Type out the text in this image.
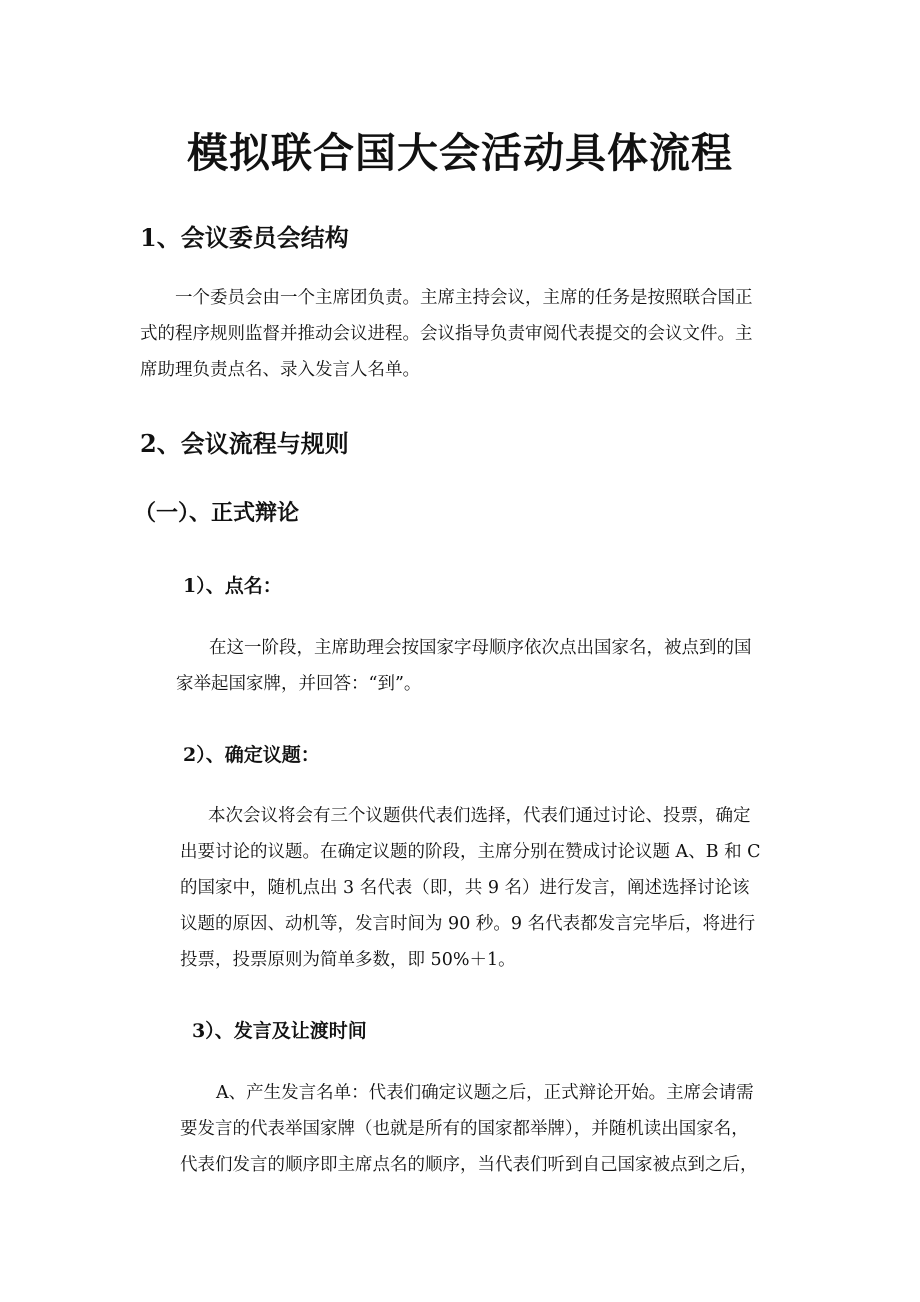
模拟联合国大会活动具体流程
1、会议委员会结构
一个委员会由一个主席团负责。主席主持会议，主席的任务是按照联合国正
式的程序规则监督并推动会议进程。会议指导负责审阅代表提交的会议文件。主
席助理负责点名、录入发言人名单。
2、会议流程与规则
（一）、正式辩论
1）、点名：
在这一阶段，主席助理会按国家字母顺序依次点出国家名，被点到的国
家举起国家牌，并回答：“到”。
2）、确定议题：
本次会议将会有三个议题供代表们选择，代表们通过讨论、投票，确定
出要讨论的议题。在确定议题的阶段，主席分别在赞成讨论议题 A、B 和 C
的国家中，随机点出 3 名代表（即，共 9 名）进行发言，阐述选择讨论该
议题的原因、动机等，发言时间为 90 秒。9 名代表都发言完毕后，将进行
投票，投票原则为简单多数，即 50%＋1。
3）、发言及让渡时间
A、产生发言名单：代表们确定议题之后，正式辩论开始。主席会请需
要发言的代表举国家牌（也就是所有的国家都举牌），并随机读出国家名，
代表们发言的顺序即主席点名的顺序，当代表们听到自己国家被点到之后，
